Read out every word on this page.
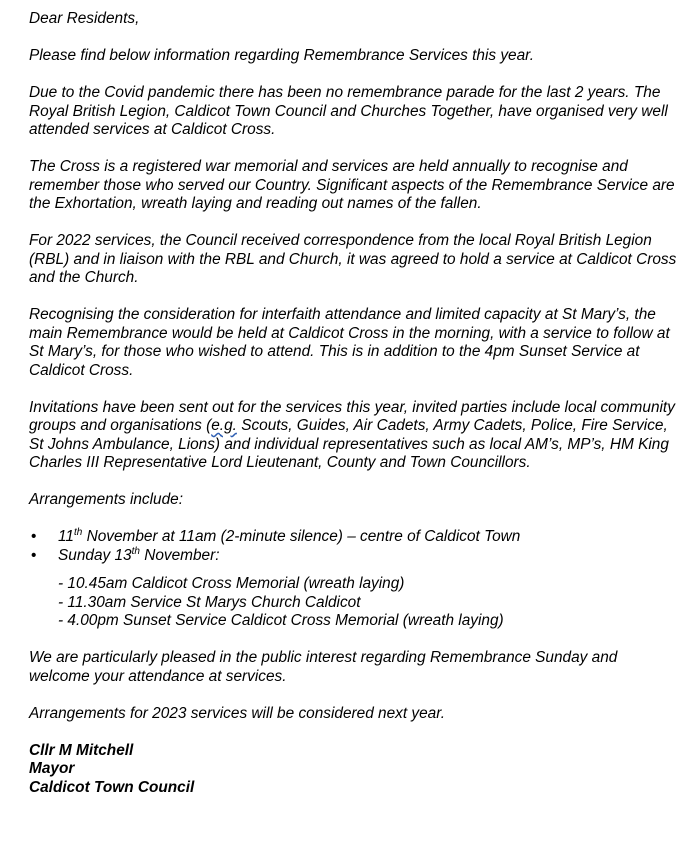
Dear Residents,

Please find below information regarding Remembrance Services this year.

Due to the Covid pandemic there has been no remembrance parade for the last 2 years. The Royal British Legion, Caldicot Town Council and Churches Together, have organised very well attended services at Caldicot Cross.

The Cross is a registered war memorial and services are held annually to recognise and remember those who served our Country. Significant aspects of the Remembrance Service are the Exhortation, wreath laying and reading out names of the fallen.

For 2022 services, the Council received correspondence from the local Royal British Legion (RBL) and in liaison with the RBL and Church, it was agreed to hold a service at Caldicot Cross and the Church.

Recognising the consideration for interfaith attendance and limited capacity at St Mary’s, the main Remembrance would be held at Caldicot Cross in the morning, with a service to follow at St Mary’s, for those who wished to attend. This is in addition to the 4pm Sunset Service at Caldicot Cross.

Invitations have been sent out for the services this year, invited parties include local community groups and organisations (e.g. Scouts, Guides, Air Cadets, Army Cadets, Police, Fire Service, St Johns Ambulance, Lions) and individual representatives such as local AM’s, MP’s, HM King Charles III Representative Lord Lieutenant, County and Town Councillors.

Arrangements include:

• 11th November at 11am (2-minute silence) – centre of Caldicot Town
• Sunday 13th November:
- 10.45am Caldicot Cross Memorial (wreath laying)
- 11.30am Service St Marys Church Caldicot
- 4.00pm Sunset Service Caldicot Cross Memorial (wreath laying)

We are particularly pleased in the public interest regarding Remembrance Sunday and welcome your attendance at services.

Arrangements for 2023 services will be considered next year.

Cllr M Mitchell

Mayor

Caldicot Town Council
